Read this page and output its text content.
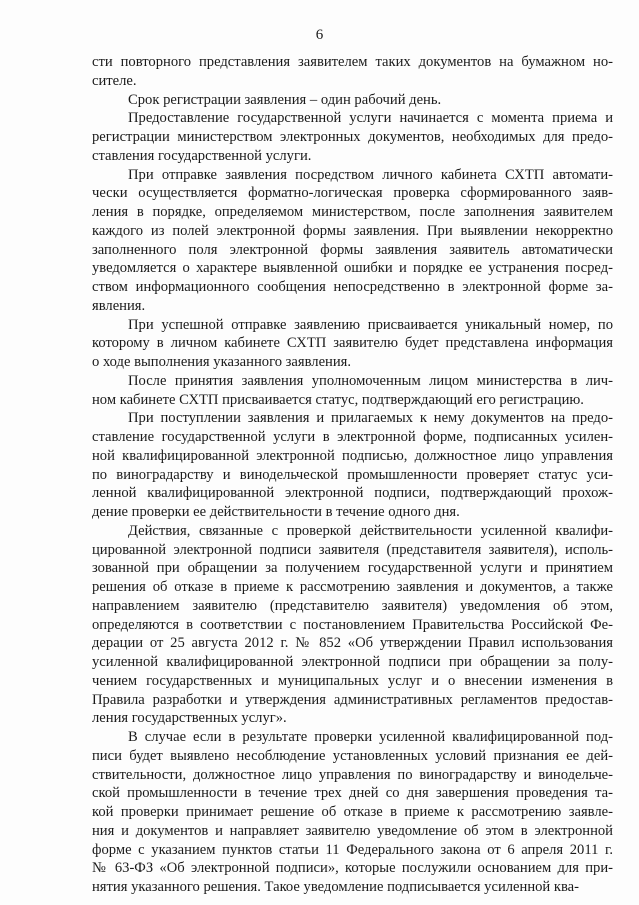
6
сти повторного представления заявителем таких документов на бумажном но-
сителе.
Срок регистрации заявления – один рабочий день.
Предоставление государственной услуги начинается с момента приема и
регистрации министерством электронных документов, необходимых для предо-
ставления государственной услуги.
При отправке заявления посредством личного кабинета СХТП автомати-
чески осуществляется форматно-логическая проверка сформированного заяв-
ления в порядке, определяемом министерством, после заполнения заявителем
каждого из полей электронной формы заявления. При выявлении некорректно
заполненного поля электронной формы заявления заявитель автоматически
уведомляется о характере выявленной ошибки и порядке ее устранения посред-
ством информационного сообщения непосредственно в электронной форме за-
явления.
При успешной отправке заявлению присваивается уникальный номер, по
которому в личном кабинете СХТП заявителю будет представлена информация
о ходе выполнения указанного заявления.
После принятия заявления уполномоченным лицом министерства в лич-
ном кабинете СХТП присваивается статус, подтверждающий его регистрацию.
При поступлении заявления и прилагаемых к нему документов на предо-
ставление государственной услуги в электронной форме, подписанных усилен-
ной квалифицированной электронной подписью, должностное лицо управления
по виноградарству и винодельческой промышленности проверяет статус уси-
ленной квалифицированной электронной подписи, подтверждающий прохож-
дение проверки ее действительности в течение одного дня.
Действия, связанные с проверкой действительности усиленной квалифи-
цированной электронной подписи заявителя (представителя заявителя), исполь-
зованной при обращении за получением государственной услуги и принятием
решения об отказе в приеме к рассмотрению заявления и документов, а также
направлением заявителю (представителю заявителя) уведомления об этом,
определяются в соответствии с постановлением Правительства Российской Фе-
дерации от 25 августа 2012 г. № 852 «Об утверждении Правил использования
усиленной квалифицированной электронной подписи при обращении за полу-
чением государственных и муниципальных услуг и о внесении изменения в
Правила разработки и утверждения административных регламентов предостав-
ления государственных услуг».
В случае если в результате проверки усиленной квалифицированной под-
писи будет выявлено несоблюдение установленных условий признания ее дей-
ствительности, должностное лицо управления по виноградарству и винодельче-
ской промышленности в течение трех дней со дня завершения проведения та-
кой проверки принимает решение об отказе в приеме к рассмотрению заявле-
ния и документов и направляет заявителю уведомление об этом в электронной
форме с указанием пунктов статьи 11 Федерального закона от 6 апреля 2011 г.
№ 63-ФЗ «Об электронной подписи», которые послужили основанием для при-
нятия указанного решения. Такое уведомление подписывается усиленной ква-
